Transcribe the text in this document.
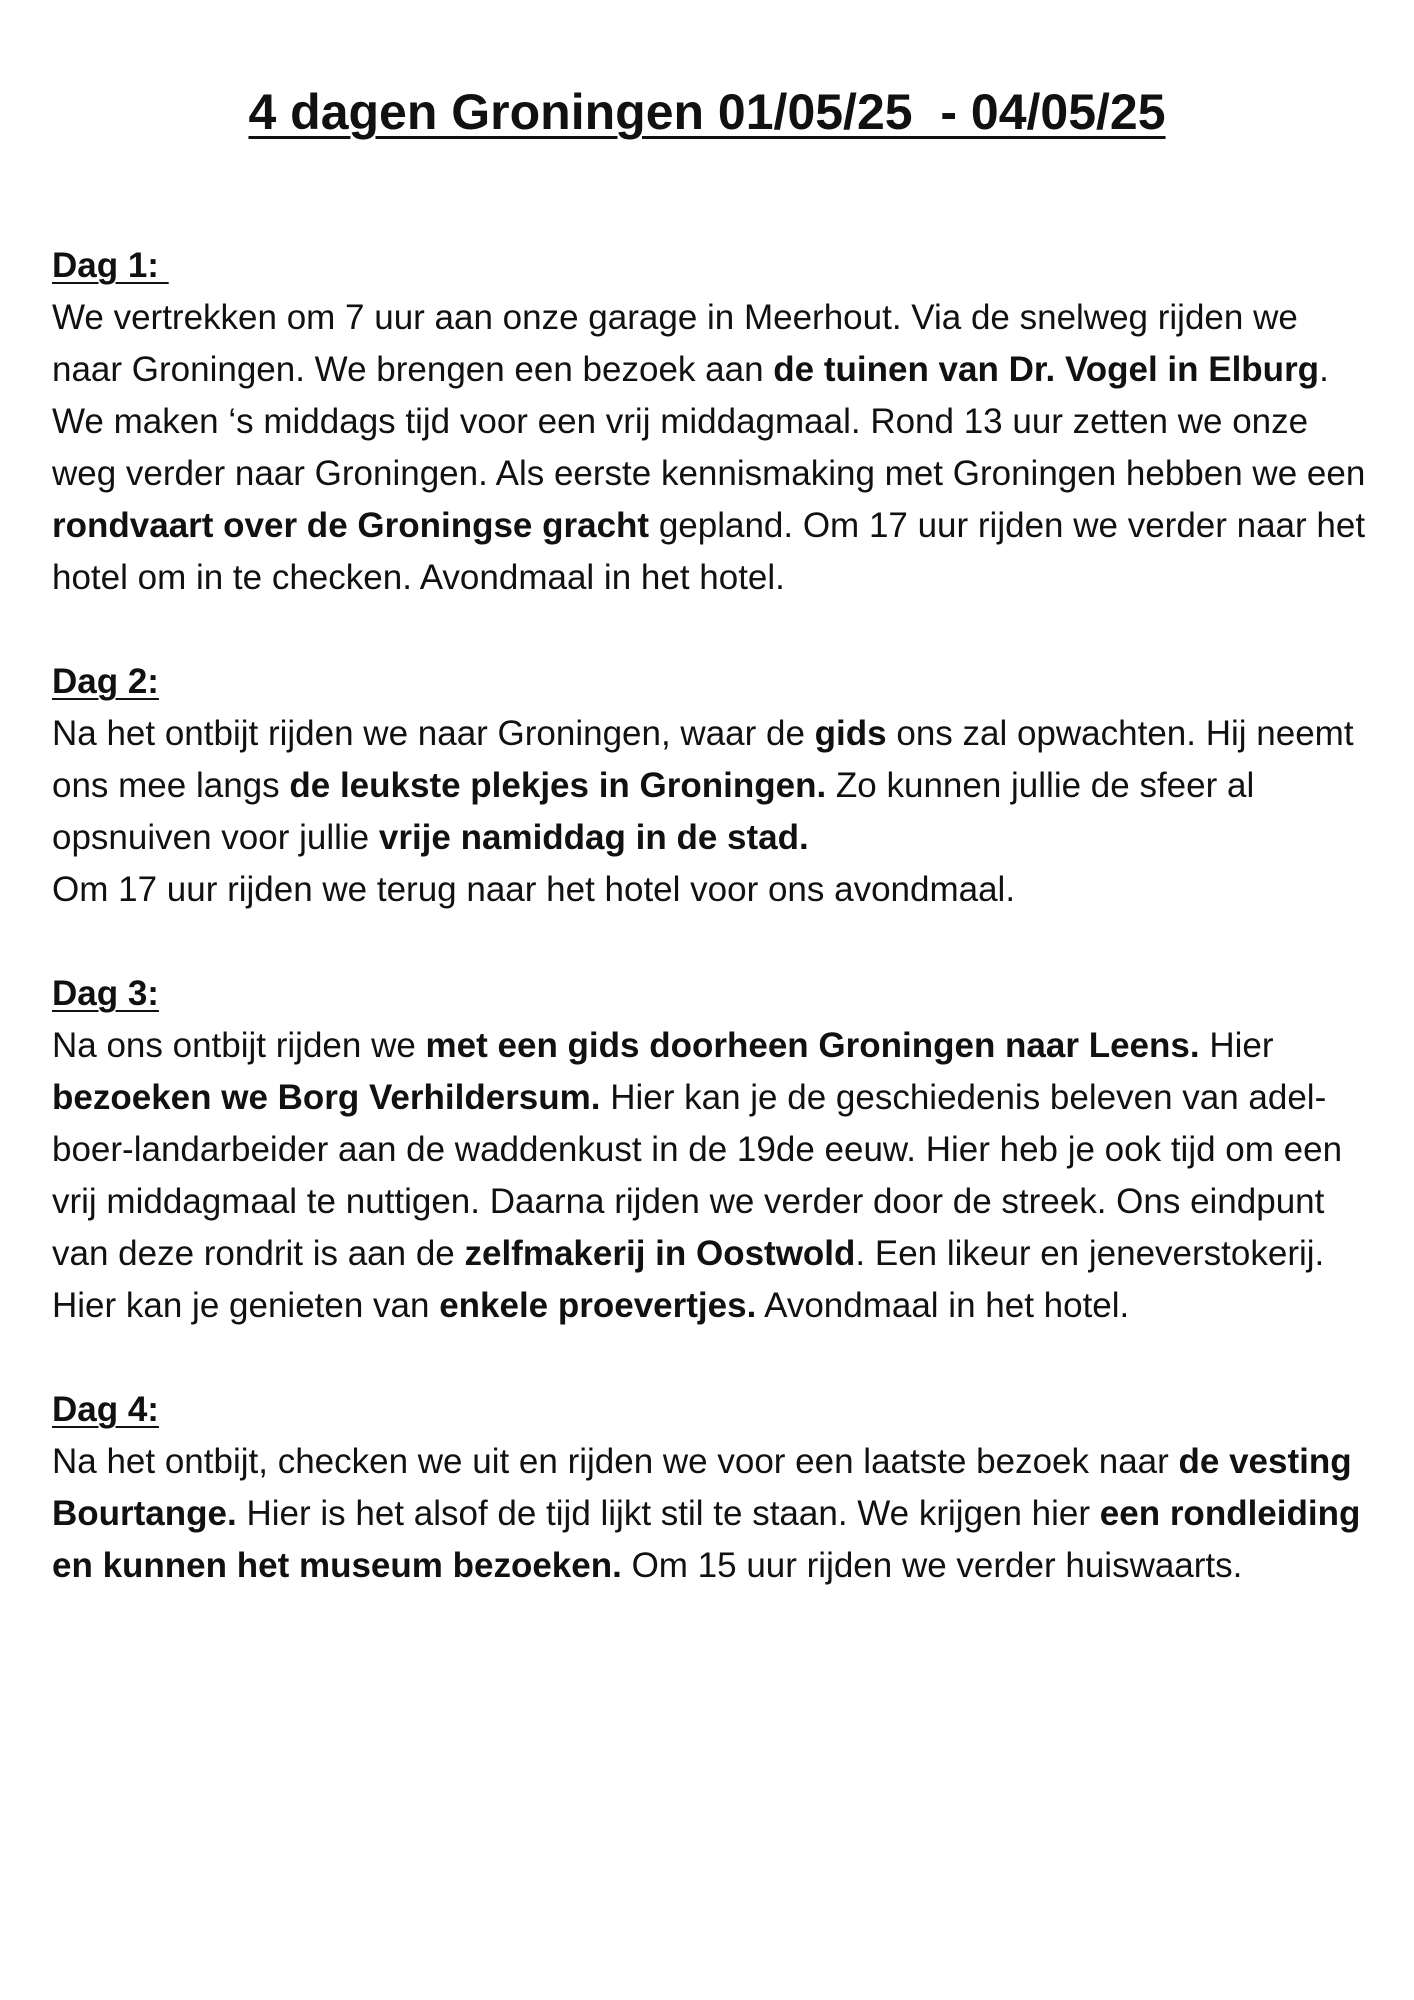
4 dagen Groningen 01/05/25  - 04/05/25
Dag 1:

We vertrekken om 7 uur aan onze garage in Meerhout. Via de snelweg rijden we naar Groningen. We brengen een bezoek aan de tuinen van Dr. Vogel in Elburg. We maken ‘s middags tijd voor een vrij middagmaal. Rond 13 uur zetten we onze weg verder naar Groningen. Als eerste kennismaking met Groningen hebben we een rondvaart over de Groningse gracht gepland. Om 17 uur rijden we verder naar het hotel om in te checken. Avondmaal in het hotel.

Dag 2:

Na het ontbijt rijden we naar Groningen, waar de gids ons zal opwachten. Hij neemt ons mee langs de leukste plekjes in Groningen. Zo kunnen jullie de sfeer al opsnuiven voor jullie vrije namiddag in de stad.

Om 17 uur rijden we terug naar het hotel voor ons avondmaal.

Dag 3:

Na ons ontbijt rijden we met een gids doorheen Groningen naar Leens. Hier bezoeken we Borg Verhildersum. Hier kan je de geschiedenis beleven van adel-boer-landarbeider aan de waddenkust in de 19de eeuw. Hier heb je ook tijd om een vrij middagmaal te nuttigen. Daarna rijden we verder door de streek. Ons eindpunt van deze rondrit is aan de zelfmakerij in Oostwold. Een likeur en jeneverstokerij. Hier kan je genieten van enkele proevertjes. Avondmaal in het hotel.

Dag 4:

Na het ontbijt, checken we uit en rijden we voor een laatste bezoek naar de vesting Bourtange. Hier is het alsof de tijd lijkt stil te staan. We krijgen hier een rondleiding en kunnen het museum bezoeken. Om 15 uur rijden we verder huiswaarts.
